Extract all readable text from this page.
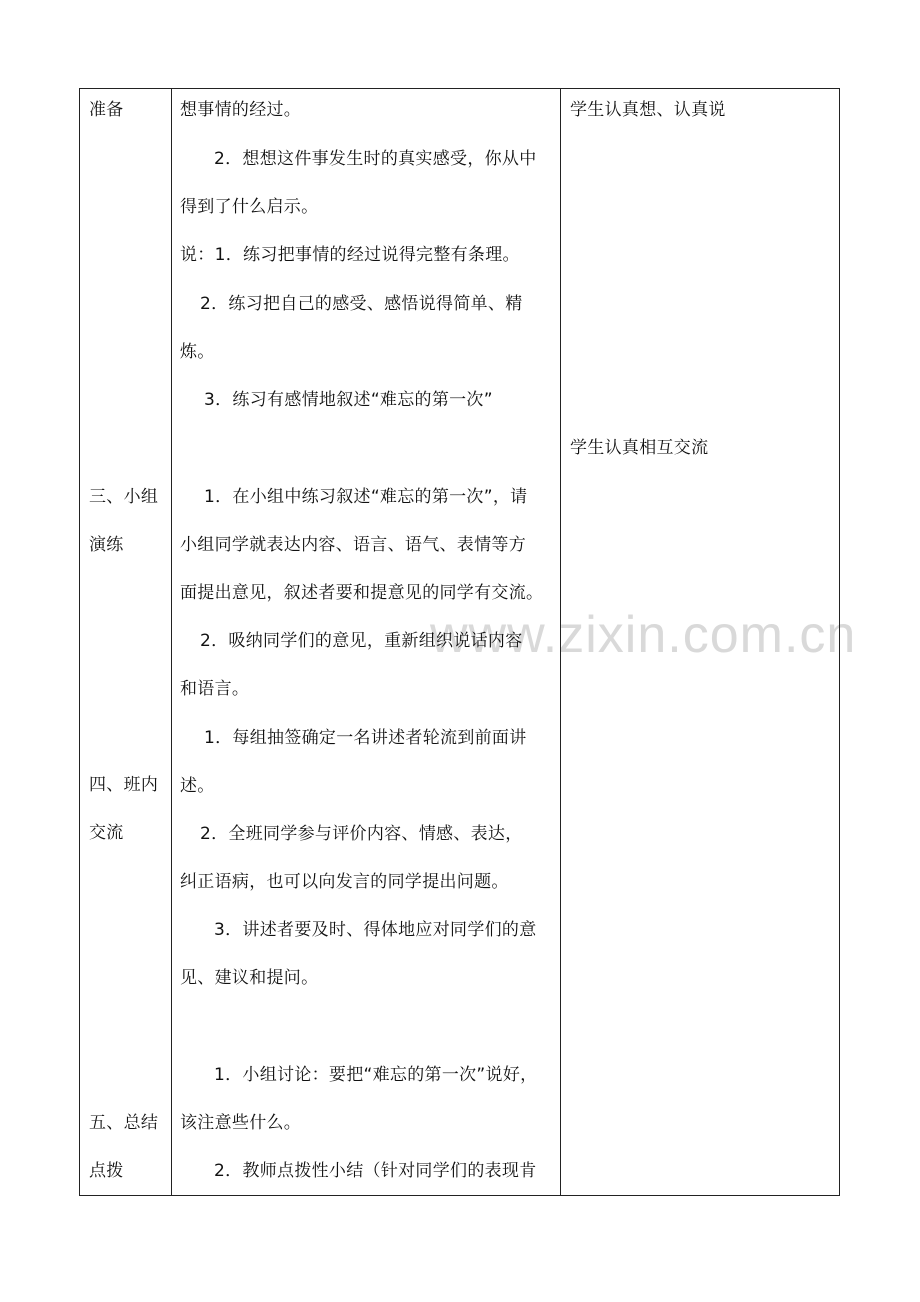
www.zixin.com.cn
准备
三、小组
演练
四、班内
交流
五、总结
点拨
想事情的经过。
2．想想这件事发生时的真实感受，你从中
得到了什么启示。
说：1．练习把事情的经过说得完整有条理。
2．练习把自己的感受、感悟说得简单、精
炼。
3．练习有感情地叙述“难忘的第一次”
1．在小组中练习叙述“难忘的第一次”，请
小组同学就表达内容、语言、语气、表情等方
面提出意见，叙述者要和提意见的同学有交流。
2．吸纳同学们的意见，重新组织说话内容
和语言。
1．每组抽签确定一名讲述者轮流到前面讲
述。
2．全班同学参与评价内容、情感、表达，
纠正语病，也可以向发言的同学提出问题。
3．讲述者要及时、得体地应对同学们的意
见、建议和提问。
1．小组讨论：要把“难忘的第一次”说好，
该注意些什么。
2．教师点拨性小结（针对同学们的表现肯
学生认真想、认真说
学生认真相互交流
